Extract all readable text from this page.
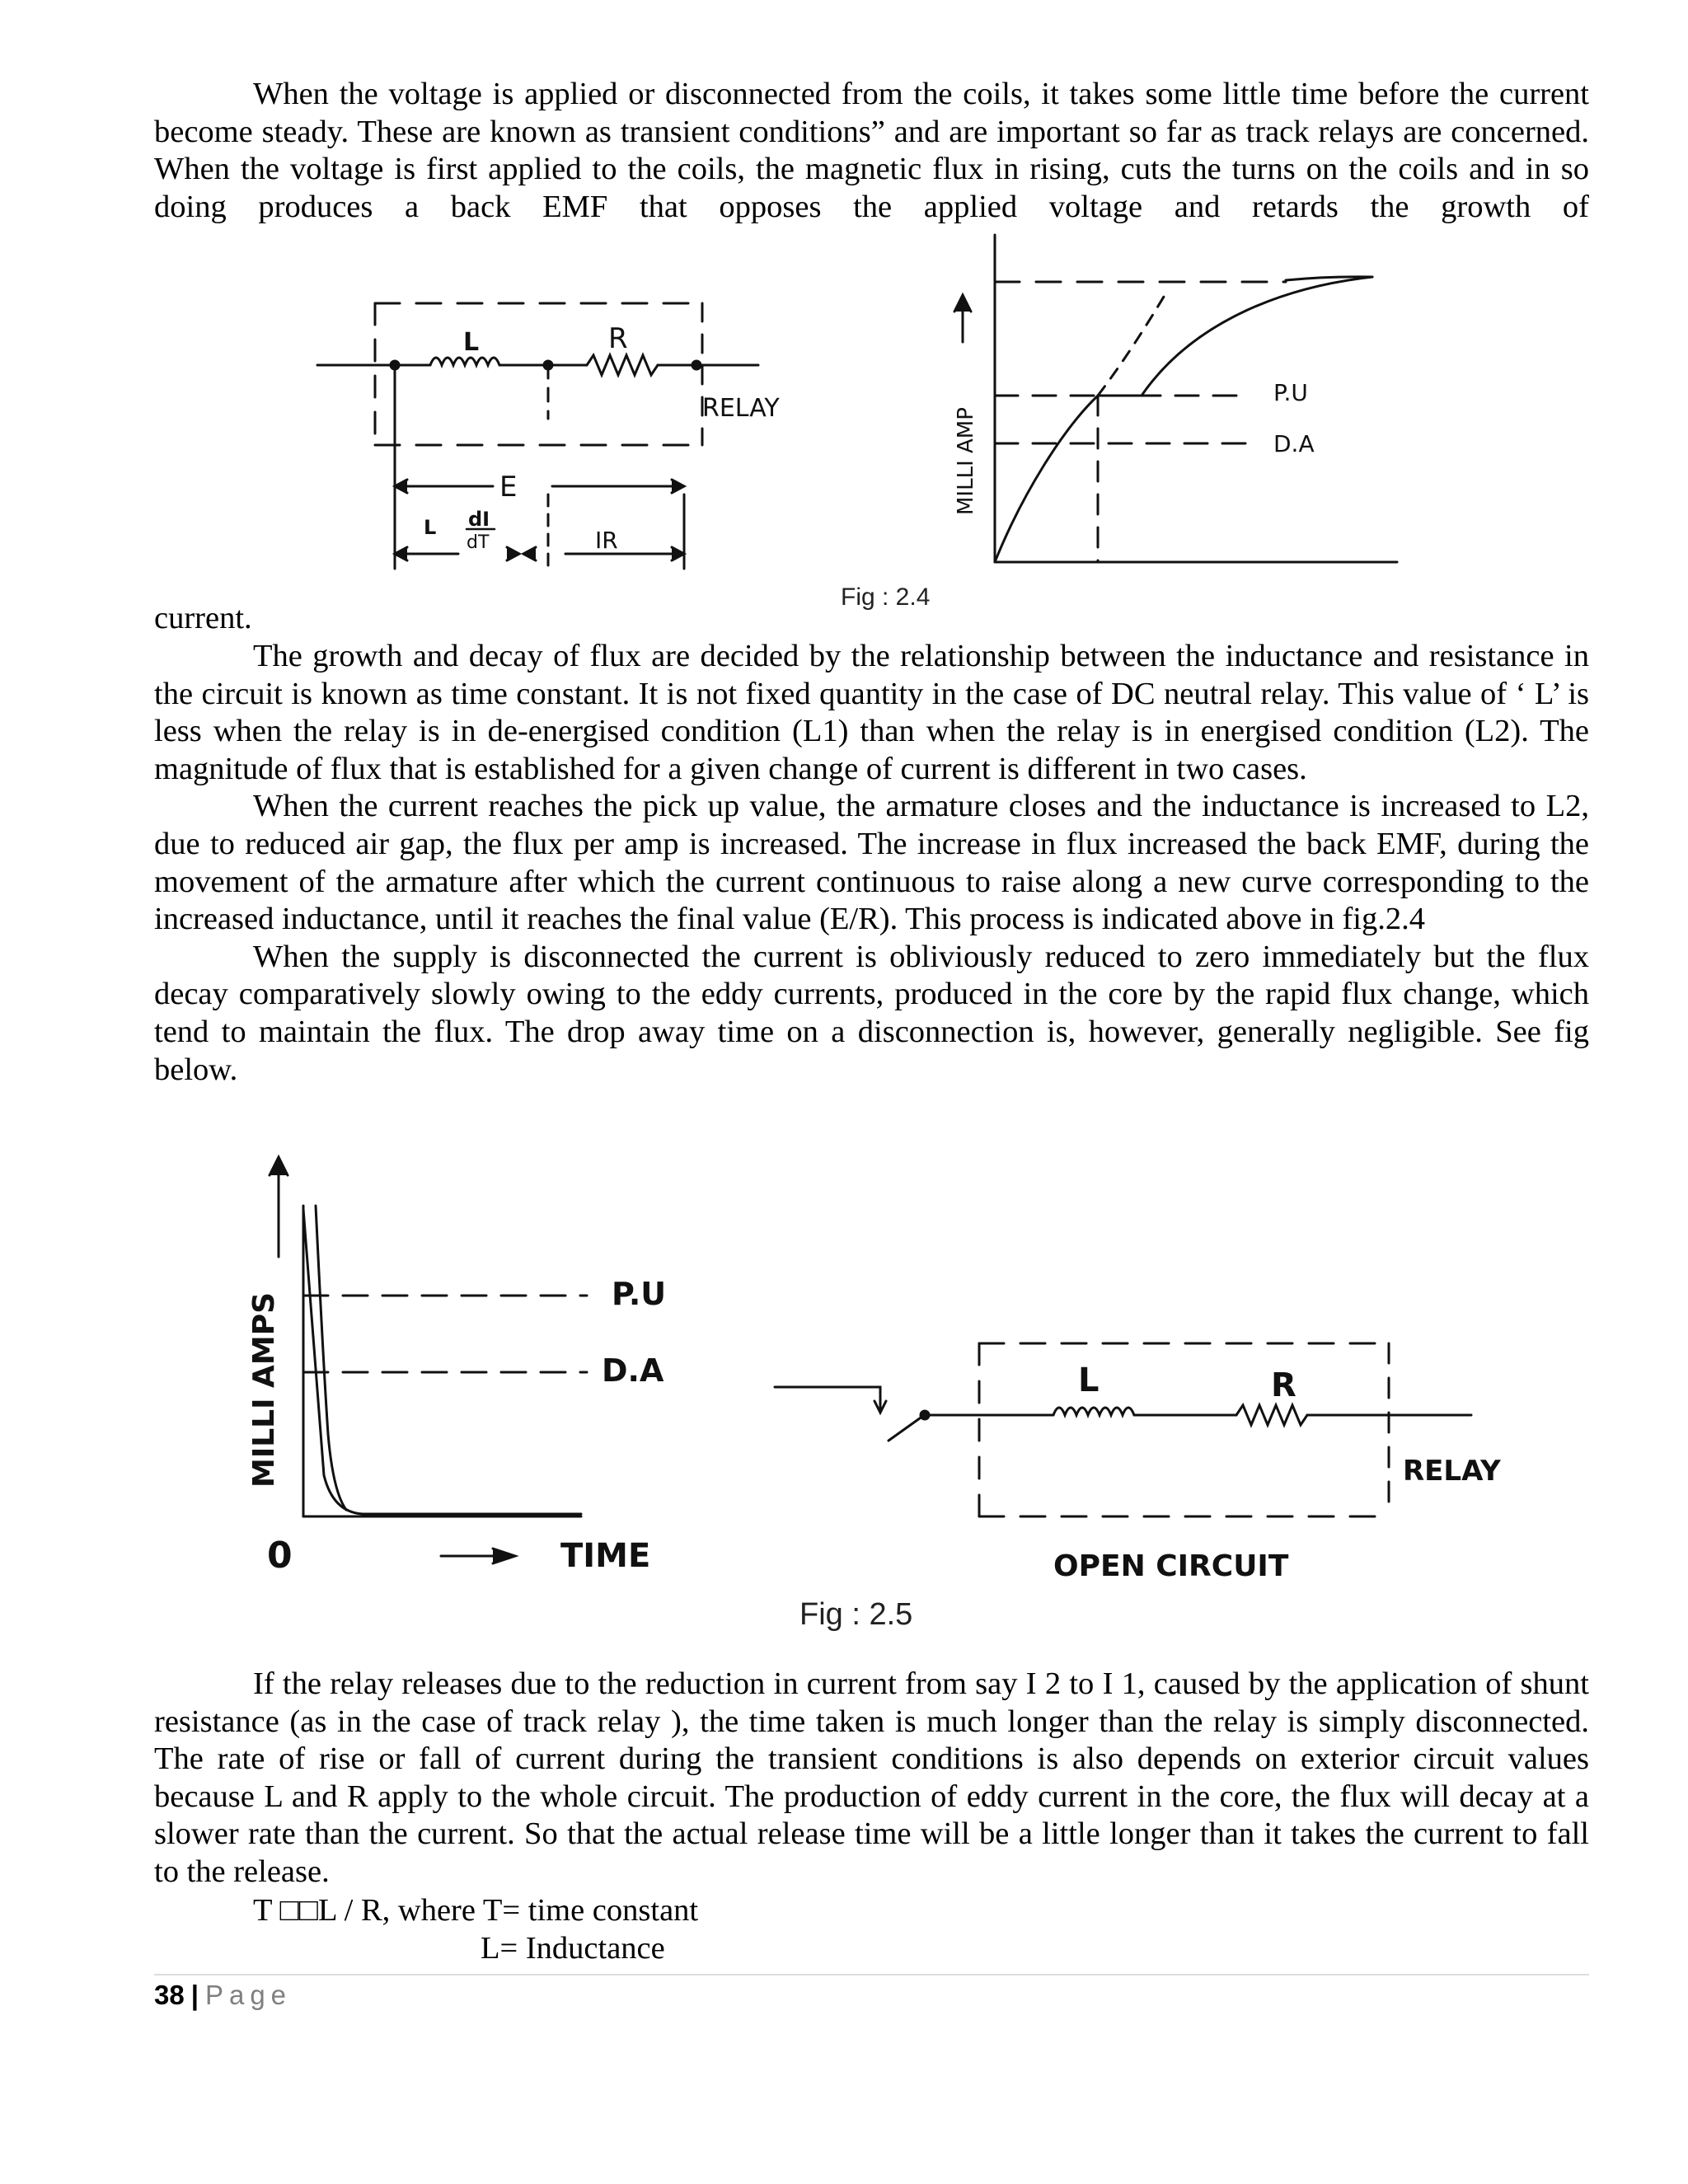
When the voltage is applied or disconnected from the coils, it takes some little time before the current become steady. These are known as transient conditions” and are important so far as track relays are concerned. When the voltage is first applied to the coils, the magnetic flux in rising, cuts the turns on the coils and in so doing produces a back EMF that opposes the applied voltage and retards the growth of

L	R
RELAY
E
L dI
dT	IR
P.U
D.A
MILLI AMP
MILLI AMPS	P.U
D.A
0	TIME
L	R
RELAY
OPEN CIRCUIT

Fig : 2.4

current.

The growth and decay of flux are decided by the relationship between the inductance and resistance in the circuit is known as time constant. It is not fixed quantity in the case of DC neutral relay. This value of ‘ L’ is less when the relay is in de-energised condition (L1) than when the relay is in energised condition (L2). The magnitude of flux that is established for a given change of current is different in two cases.

When the current reaches the pick up value, the armature closes and the inductance is increased to L2, due to reduced air gap, the flux per amp is increased. The increase in flux increased the back EMF, during the movement of the armature after which the current continuous to raise along a new curve corresponding to the increased inductance, until it reaches the final value (E/R). This process is indicated above in fig.2.4

When the supply is disconnected the current is obliviously reduced to zero immediately but the flux decay comparatively slowly owing to the eddy currents, produced in the core by the rapid flux change, which tend to maintain the flux. The drop away time on a disconnection is, however, generally negligible. See fig below.

Fig : 2.5

If the relay releases due to the reduction in current from say I 2 to I 1, caused by the application of shunt resistance (as in the case of track relay ), the time taken is much longer than the relay is simply disconnected. The rate of rise or fall of current during the transient conditions is also depends on exterior circuit values because L and R apply to the whole circuit. The production of eddy current in the core, the flux will decay at a slower rate than the current. So that the actual release time will be a little longer than it takes the current to fall to the release.

T □□L / R, where T= time constant

L= Inductance

38 | Page
